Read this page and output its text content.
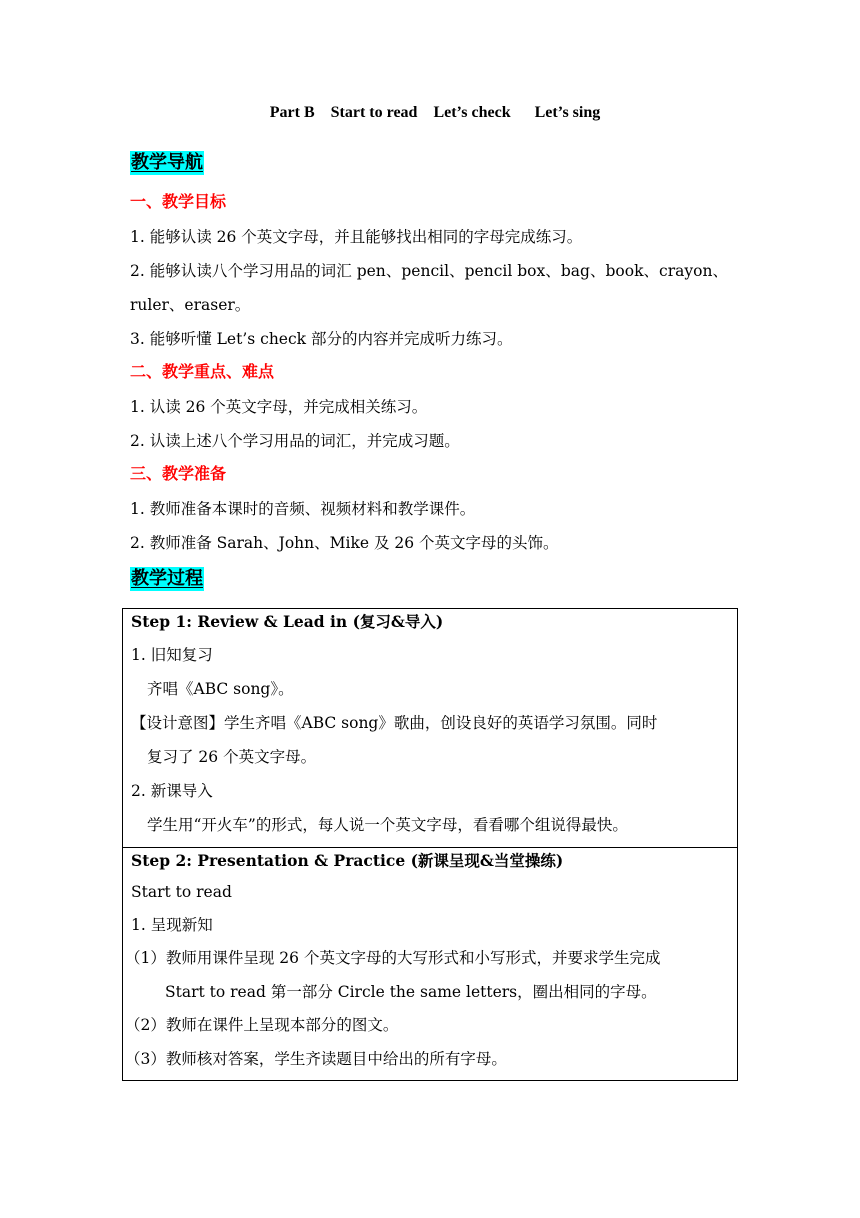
Part B    Start to read    Let’s check      Let’s sing
教学导航
一、教学目标
1. 能够认读 26 个英文字母，并且能够找出相同的字母完成练习。
2. 能够认读八个学习用品的词汇 pen、pencil、pencil box、bag、book、crayon、
ruler、eraser。
3. 能够听懂 Let’s check 部分的内容并完成听力练习。
二、教学重点、难点
1. 认读 26 个英文字母，并完成相关练习。
2. 认读上述八个学习用品的词汇，并完成习题。
三、教学准备
1. 教师准备本课时的音频、视频材料和教学课件。
2. 教师准备 Sarah、John、Mike 及 26 个英文字母的头饰。
教学过程
Step 1: Review & Lead in (复习&导入)
1. 旧知复习
齐唱《ABC song》。
【设计意图】学生齐唱《ABC song》歌曲，创设良好的英语学习氛围。同时
复习了 26 个英文字母。
2. 新课导入
学生用“开火车”的形式，每人说一个英文字母，看看哪个组说得最快。
Step 2: Presentation & Practice (新课呈现&当堂操练)
Start to read
1. 呈现新知
（1）教师用课件呈现 26 个英文字母的大写形式和小写形式，并要求学生完成
Start to read 第一部分 Circle the same letters，圈出相同的字母。
（2）教师在课件上呈现本部分的图文。
（3）教师核对答案，学生齐读题目中给出的所有字母。
